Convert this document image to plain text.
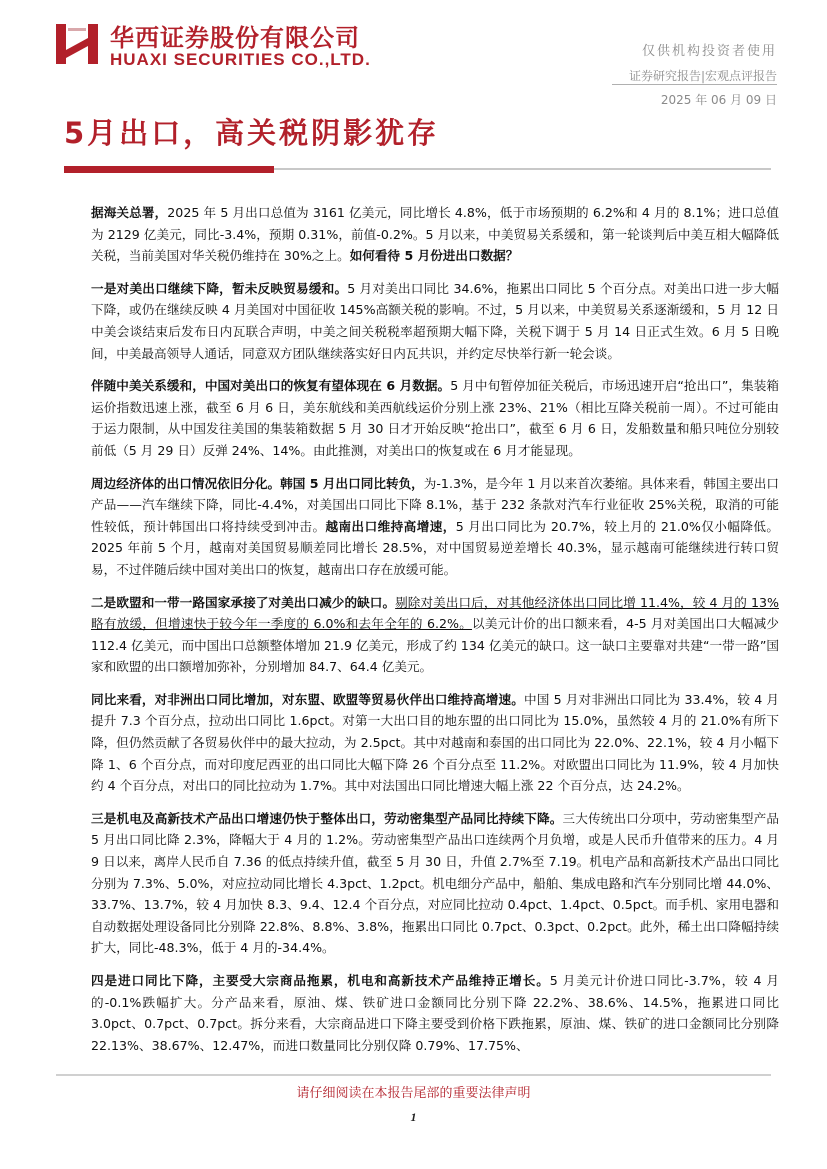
华西证券股份有限公司
HUAXI SECURITIES CO.,LTD.	仅供机构投资者使用
证券研究报告|宏观点评报告
2025 年 06 月 09 日
5月出口，高关税阴影犹存

据海关总署，2025 年 5 月出口总值为 3161 亿美元，同比增长 4.8%，低于市场预期的 6.2%和 4 月的 8.1%；进口总值为 2129 亿美元，同比-3.4%，预期 0.31%，前值-0.2%。5 月以来，中美贸易关系缓和，第一轮谈判后中美互相大幅降低关税，当前美国对华关税仍维持在 30%之上。如何看待 5 月份进出口数据？

一是对美出口继续下降，暂未反映贸易缓和。5 月对美出口同比 34.6%，拖累出口同比 5 个百分点。对美出口进一步大幅下降，或仍在继续反映 4 月美国对中国征收 145%高额关税的影响。不过，5 月以来，中美贸易关系逐渐缓和，5 月 12 日中美会谈结束后发布日内瓦联合声明，中美之间关税税率超预期大幅下降，关税下调于 5 月 14 日正式生效。6 月 5 日晚间，中美最高领导人通话，同意双方团队继续落实好日内瓦共识，并约定尽快举行新一轮会谈。

伴随中美关系缓和，中国对美出口的恢复有望体现在 6 月数据。5 月中旬暂停加征关税后，市场迅速开启“抢出口”，集装箱运价指数迅速上涨，截至 6 月 6 日，美东航线和美西航线运价分别上涨 23%、21%（相比互降关税前一周）。不过可能由于运力限制，从中国发往美国的集装箱数据 5 月 30 日才开始反映“抢出口”，截至 6 月 6 日，发船数量和船只吨位分别较前低（5 月 29 日）反弹 24%、14%。由此推测，对美出口的恢复或在 6 月才能显现。

周边经济体的出口情况依旧分化。韩国 5 月出口同比转负，为-1.3%，是今年 1 月以来首次萎缩。具体来看，韩国主要出口产品——汽车继续下降，同比-4.4%，对美国出口同比下降 8.1%，基于 232 条款对汽车行业征收 25%关税，取消的可能性较低，预计韩国出口将持续受到冲击。越南出口维持高增速，5 月出口同比为 20.7%，较上月的 21.0%仅小幅降低。2025 年前 5 个月，越南对美国贸易顺差同比增长 28.5%，对中国贸易逆差增长 40.3%，显示越南可能继续进行转口贸易，不过伴随后续中国对美出口的恢复，越南出口存在放缓可能。

二是欧盟和一带一路国家承接了对美出口减少的缺口。剔除对美出口后，对其他经济体出口同比增 11.4%，较 4 月的 13%略有放缓，但增速快于较今年一季度的 6.0%和去年全年的 6.2%。以美元计价的出口额来看，4-5 月对美国出口大幅减少 112.4 亿美元，而中国出口总额整体增加 21.9 亿美元，形成了约 134 亿美元的缺口。这一缺口主要靠对共建“一带一路”国家和欧盟的出口额增加弥补，分别增加 84.7、64.4 亿美元。

同比来看，对非洲出口同比增加，对东盟、欧盟等贸易伙伴出口维持高增速。中国 5 月对非洲出口同比为 33.4%，较 4 月提升 7.3 个百分点，拉动出口同比 1.6pct。对第一大出口目的地东盟的出口同比为 15.0%，虽然较 4 月的 21.0%有所下降，但仍然贡献了各贸易伙伴中的最大拉动，为 2.5pct。其中对越南和泰国的出口同比为 22.0%、22.1%，较 4 月小幅下降 1、6 个百分点，而对印度尼西亚的出口同比大幅下降 26 个百分点至 11.2%。对欧盟出口同比为 11.9%，较 4 月加快约 4 个百分点，对出口的同比拉动为 1.7%。其中对法国出口同比增速大幅上涨 22 个百分点，达 24.2%。

三是机电及高新技术产品出口增速仍快于整体出口，劳动密集型产品同比持续下降。三大传统出口分项中，劳动密集型产品 5 月出口同比降 2.3%，降幅大于 4 月的 1.2%。劳动密集型产品出口连续两个月负增，或是人民币升值带来的压力。4 月 9 日以来，离岸人民币自 7.36 的低点持续升值，截至 5 月 30 日，升值 2.7%至 7.19。机电产品和高新技术产品出口同比分别为 7.3%、5.0%，对应拉动同比增长 4.3pct、1.2pct。机电细分产品中，船舶、集成电路和汽车分别同比增 44.0%、33.7%、13.7%，较 4 月加快 8.3、9.4、12.4 个百分点，对应同比拉动 0.4pct、1.4pct、0.5pct。而手机、家用电器和自动数据处理设备同比分别降 22.8%、8.8%、3.8%，拖累出口同比 0.7pct、0.3pct、0.2pct。此外，稀土出口降幅持续扩大，同比-48.3%，低于 4 月的-34.4%。

四是进口同比下降，主要受大宗商品拖累，机电和高新技术产品维持正增长。5 月美元计价进口同比-3.7%，较 4 月的-0.1%跌幅扩大。分产品来看，原油、煤、铁矿进口金额同比分别下降 22.2%、38.6%、14.5%，拖累进口同比 3.0pct、0.7pct、0.7pct。拆分来看，大宗商品进口下降主要受到价格下跌拖累，原油、煤、铁矿的进口金额同比分别降 22.13%、38.67%、12.47%，而进口数量同比分别仅降 0.79%、17.75%、

请仔细阅读在本报告尾部的重要法律声明
1
